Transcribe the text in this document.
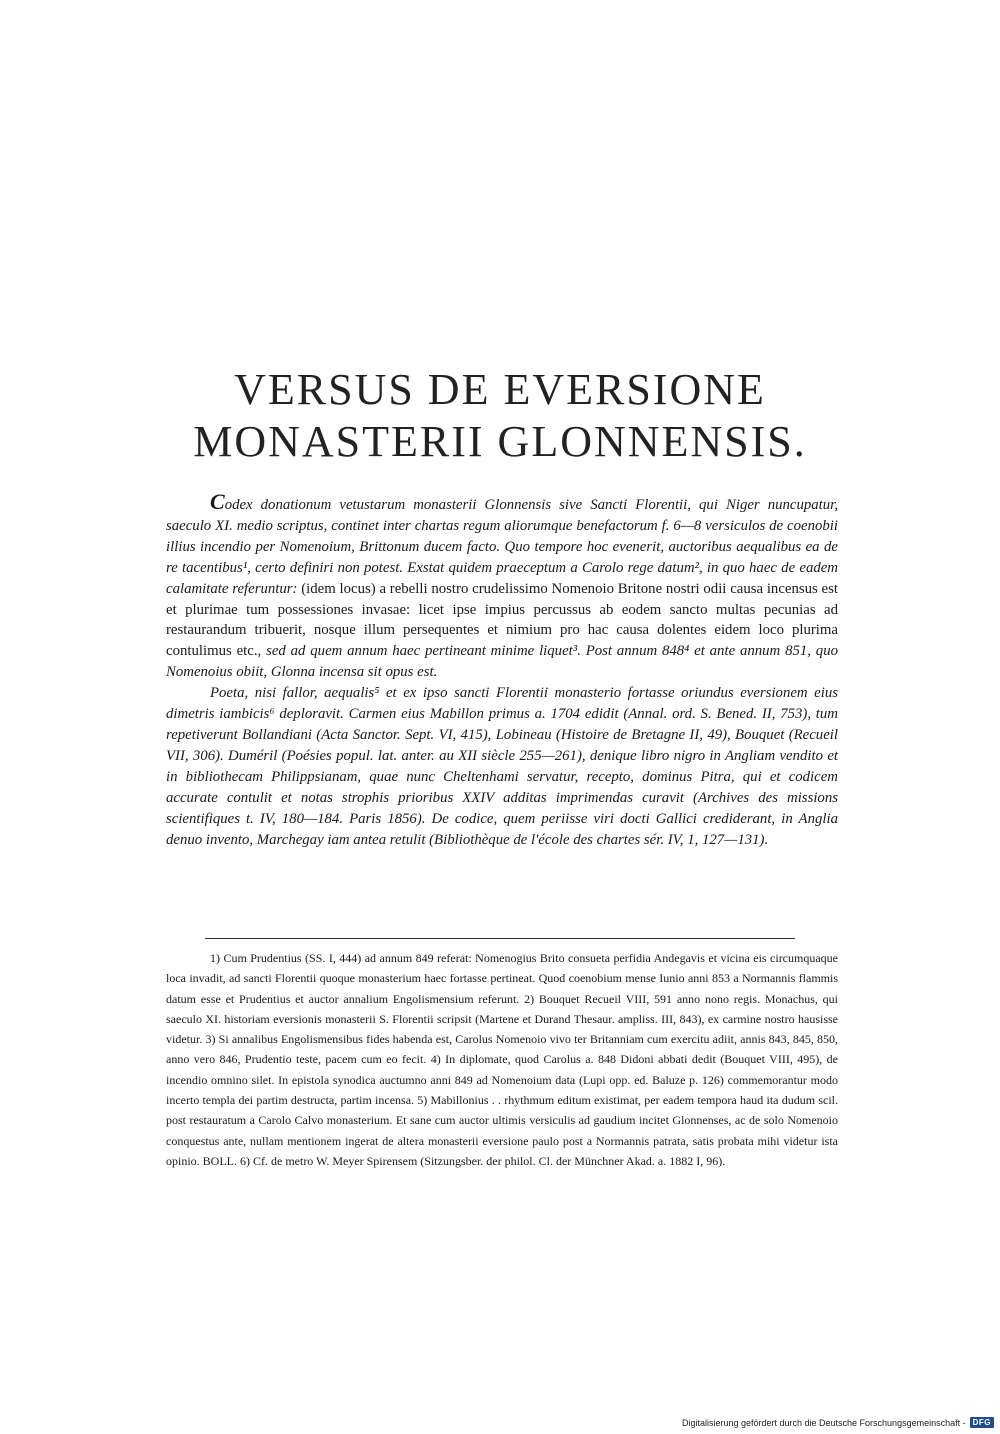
VERSUS DE EVERSIONE
MONASTERII GLONNENSIS.

Codex donationum vetustarum monasterii Glonnensis sive Sancti Florentii, qui Niger nuncupatur, saeculo XI. medio scriptus, continet inter chartas regum aliorumque benefactorum f. 6—8 versiculos de coenobii illius incendio per Nomenoium, Brittonum ducem facto. Quo tempore hoc evenerit, auctoribus aequalibus ea de re tacentibus¹, certo definiri non potest. Exstat quidem praeceptum a Carolo rege datum², in quo haec de eadem calamitate referuntur: (idem locus) a rebelli nostro crudelissimo Nomenoio Britone nostri odii causa incensus est et plurimae tum possessiones invasae: licet ipse impius percussus ab eodem sancto multas pecunias ad restaurandum tribuerit, nosque illum persequentes et nimium pro hac causa dolentes eidem loco plurima contulimus etc., sed ad quem annum haec pertineant minime liquet³. Post annum 848⁴ et ante annum 851, quo Nomenoius obiit, Glonna incensa sit opus est.

Poeta, nisi fallor, aequalis⁵ et ex ipso sancti Florentii monasterio fortasse oriundus eversionem eius dimetris iambicis⁶ deploravit. Carmen eius Mabillon primus a. 1704 edidit (Annal. ord. S. Bened. II, 753), tum repetiverunt Bollandiani (Acta Sanctor. Sept. VI, 415), Lobineau (Histoire de Bretagne II, 49), Bouquet (Recueil VII, 306). Duméril (Poésies popul. lat. anter. au XII siècle 255—261), denique libro nigro in Angliam vendito et in bibliothecam Philippsianam, quae nunc Cheltenhami servatur, recepto, dominus Pitra, qui et codicem accurate contulit et notas strophis prioribus XXIV additas imprimendas curavit (Archives des missions scientifiques t. IV, 180—184. Paris 1856). De codice, quem periisse viri docti Gallici crediderant, in Anglia denuo invento, Marchegay iam antea retulit (Bibliothèque de l'école des chartes sér. IV, 1, 127—131).

1) Cum Prudentius (SS. I, 444) ad annum 849 referat: Nomenogius Brito consueta perfidia Andegavis et vicina eis circumquaque loca invadit, ad sancti Florentii quoque monasterium haec fortasse pertineat. Quod coenobium mense Iunio anni 853 a Normannis flammis datum esse et Prudentius et auctor annalium Engolismensium referunt. 2) Bouquet Recueil VIII, 591 anno nono regis. Monachus, qui saeculo XI. historiam eversionis monasterii S. Florentii scripsit (Martene et Durand Thesaur. ampliss. III, 843), ex carmine nostro hausisse videtur. 3) Si annalibus Engolismensibus fides habenda est, Carolus Nomenoio vivo ter Britanniam cum exercitu adiit, annis 843, 845, 850, anno vero 846, Prudentio teste, pacem cum eo fecit. 4) In diplomate, quod Carolus a. 848 Didoni abbati dedit (Bouquet VIII, 495), de incendio omnino silet. In epistola synodica auctumno anni 849 ad Nomenoium data (Lupi opp. ed. Baluze p. 126) commemorantur modo incerto templa dei partim destructa, partim incensa. 5) Mabillonius . . rhythmum editum existimat, per eadem tempora haud ita dudum scil. post restauratum a Carolo Calvo monasterium. Et sane cum auctor ultimis versiculis ad gaudium incitet Glonnenses, ac de solo Nomenoio conquestus ante, nullam mentionem ingerat de altera monasterii eversione paulo post a Normannis patrata, satis probata mihi videtur ista opinio. BOLL. 6) Cf. de metro W. Meyer Spirensem (Sitzungsber. der philol. Cl. der Münchner Akad. a. 1882 I, 96).

Digitalisierung gefördert durch die Deutsche Forschungsgemeinschaft - DFG
